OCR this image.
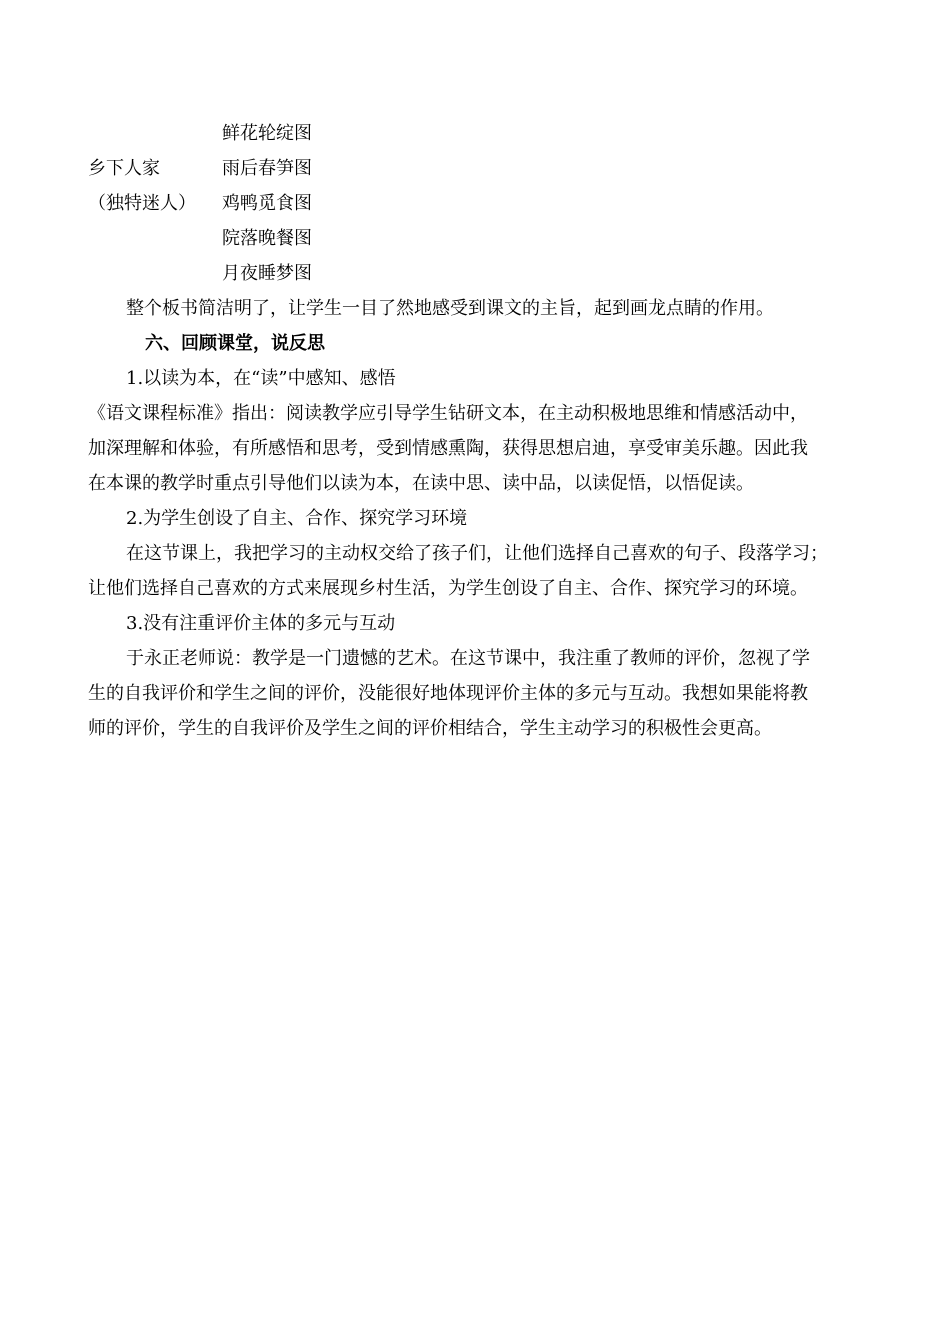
鲜花轮绽图
乡下人家	雨后春笋图
（独特迷人） 鸡鸭觅食图
院落晚餐图
月夜睡梦图
整个板书简洁明了，让学生一目了然地感受到课文的主旨，起到画龙点睛的作用。
六、回顾课堂，说反思
1.以读为本，在“读”中感知、感悟
《语文课程标准》指出：阅读教学应引导学生钻研文本，在主动积极地思维和情感活动中，
加深理解和体验，有所感悟和思考，受到情感熏陶，获得思想启迪，享受审美乐趣。因此我
在本课的教学时重点引导他们以读为本，在读中思、读中品，以读促悟，以悟促读。
2.为学生创设了自主、合作、探究学习环境
在这节课上，我把学习的主动权交给了孩子们，让他们选择自己喜欢的句子、段落学习；
让他们选择自己喜欢的方式来展现乡村生活，为学生创设了自主、合作、探究学习的环境。
3.没有注重评价主体的多元与互动
于永正老师说：教学是一门遗憾的艺术。在这节课中，我注重了教师的评价，忽视了学
生的自我评价和学生之间的评价，没能很好地体现评价主体的多元与互动。我想如果能将教
师的评价，学生的自我评价及学生之间的评价相结合，学生主动学习的积极性会更高。
